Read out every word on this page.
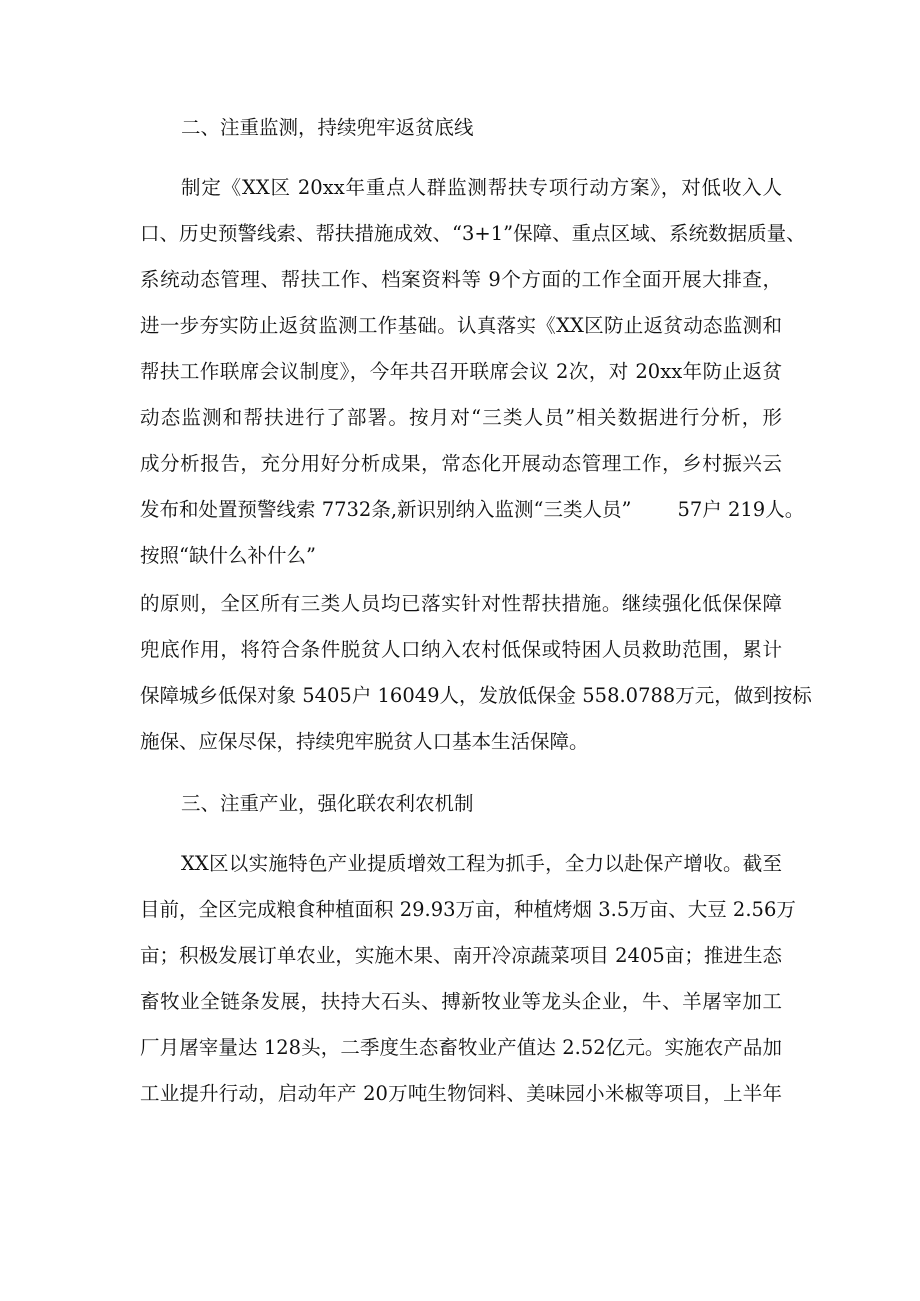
二、注重监测，持续兜牢返贫底线
制定《XX区 20xx年重点人群监测帮扶专项行动方案》，对低收入人
口、历史预警线索、帮扶措施成效、“3+1”保障、重点区域、系统数据质量、
系统动态管理、帮扶工作、档案资料等 9个方面的工作全面开展大排查，
进一步夯实防止返贫监测工作基础。认真落实《XX区防止返贫动态监测和
帮扶工作联席会议制度》，今年共召开联席会议 2次，对 20xx年防止返贫
动态监测和帮扶进行了部署。按月对“三类人员”相关数据进行分析，形
成分析报告，充分用好分析成果，常态化开展动态管理工作，乡村振兴云
发布和处置预警线索 7732条,新识别纳入监测“三类人员” 57户 219人。
按照“缺什么补什么”
的原则，全区所有三类人员均已落实针对性帮扶措施。继续强化低保保障
兜底作用，将符合条件脱贫人口纳入农村低保或特困人员救助范围，累计
保障城乡低保对象 5405户 16049人，发放低保金 558.0788万元，做到按标
施保、应保尽保，持续兜牢脱贫人口基本生活保障。
三、注重产业，强化联农利农机制
XX区以实施特色产业提质增效工程为抓手，全力以赴保产增收。截至
目前，全区完成粮食种植面积 29.93万亩，种植烤烟 3.5万亩、大豆 2.56万
亩；积极发展订单农业，实施木果、南开冷凉蔬菜项目 2405亩；推进生态
畜牧业全链条发展，扶持大石头、搏新牧业等龙头企业，牛、羊屠宰加工
厂月屠宰量达 128头，二季度生态畜牧业产值达 2.52亿元。实施农产品加
工业提升行动，启动年产 20万吨生物饲料、美味园小米椒等项目，上半年
